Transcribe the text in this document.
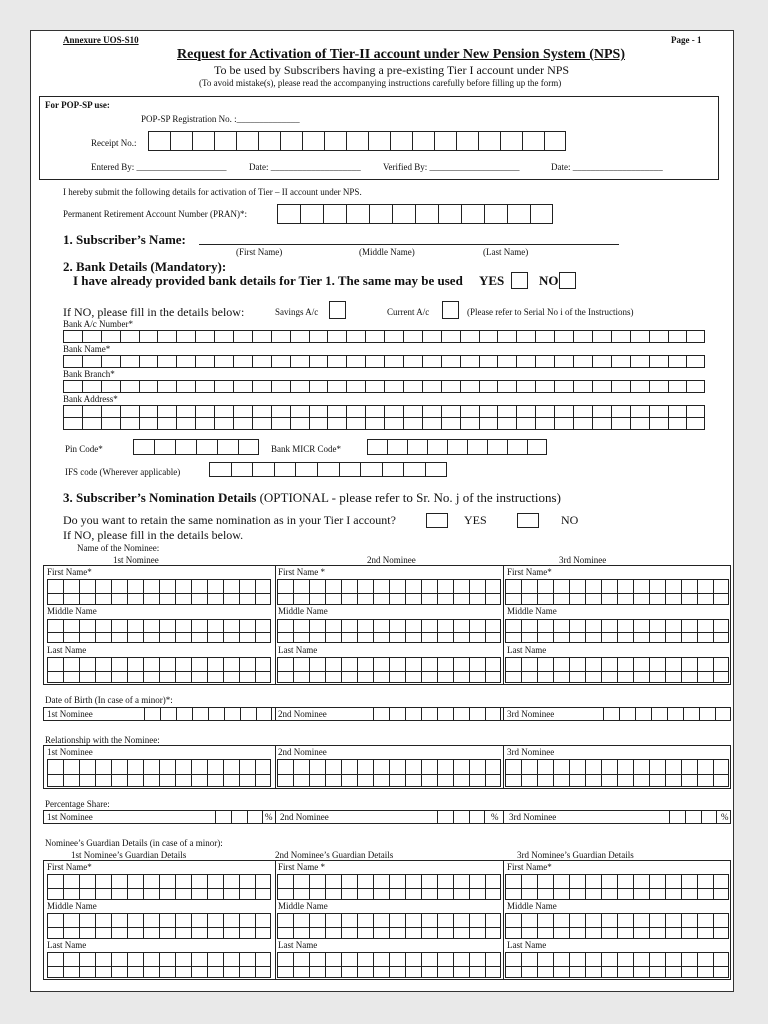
Annexure UOS-S10	Page - 1
Request for Activation of Tier-II account under New Pension System (NPS)
To be used by Subscribers having a pre-existing Tier I account under NPS
(To avoid mistake(s), please read the accompanying instructions carefully before filling up the form)
For POP-SP use:
POP-SP Registration No. :______________
Receipt No.:
Entered By: ____________________	Date: ____________________ Verified By: ____________________	Date: ____________________
I hereby submit the following details for activation of Tier – II account under NPS.
Permanent Retirement Account Number (PRAN)*:
1. Subscriber’s Name:
(First Name)	(Middle Name)	(Last Name)
2. Bank Details (Mandatory):
I have already provided bank details for Tier 1. The same may be used YES	NO
If NO, please fill in the details below:	Savings A/c	Current A/c	(Please refer to Serial No i of the Instructions)
Bank A/c Number*
Bank Name*
Bank Branch*
Bank Address*
Pin Code*	Bank MICR Code*
IFS code (Wherever applicable)
3. Subscriber’s Nomination Details (OPTIONAL - please refer to Sr. No. j of the instructions)
Do you want to retain the same nomination as in your Tier I account?	YES	NO
If NO, please fill in the details below.
Name of the Nominee:
1st Nominee	2nd Nominee	3rd Nominee
First Name*	First Name *	First Name*
Middle Name	Middle Name	Middle Name
Last Name	Last Name	Last Name
Date of Birth (In case of a minor)*:
1st Nominee	2nd Nominee	3rd Nominee
Relationship with the Nominee:
1st Nominee	2nd Nominee	3rd Nominee
Percentage Share:
1st Nominee	% 2nd Nominee	% 3rd Nominee	%
Nominee’s Guardian Details (in case of a minor):
1st Nominee’s Guardian Details	2nd Nominee’s Guardian Details	3rd Nominee’s Guardian Details
First Name*	First Name *	First Name*
Middle Name	Middle Name	Middle Name
Last Name	Last Name	Last Name
